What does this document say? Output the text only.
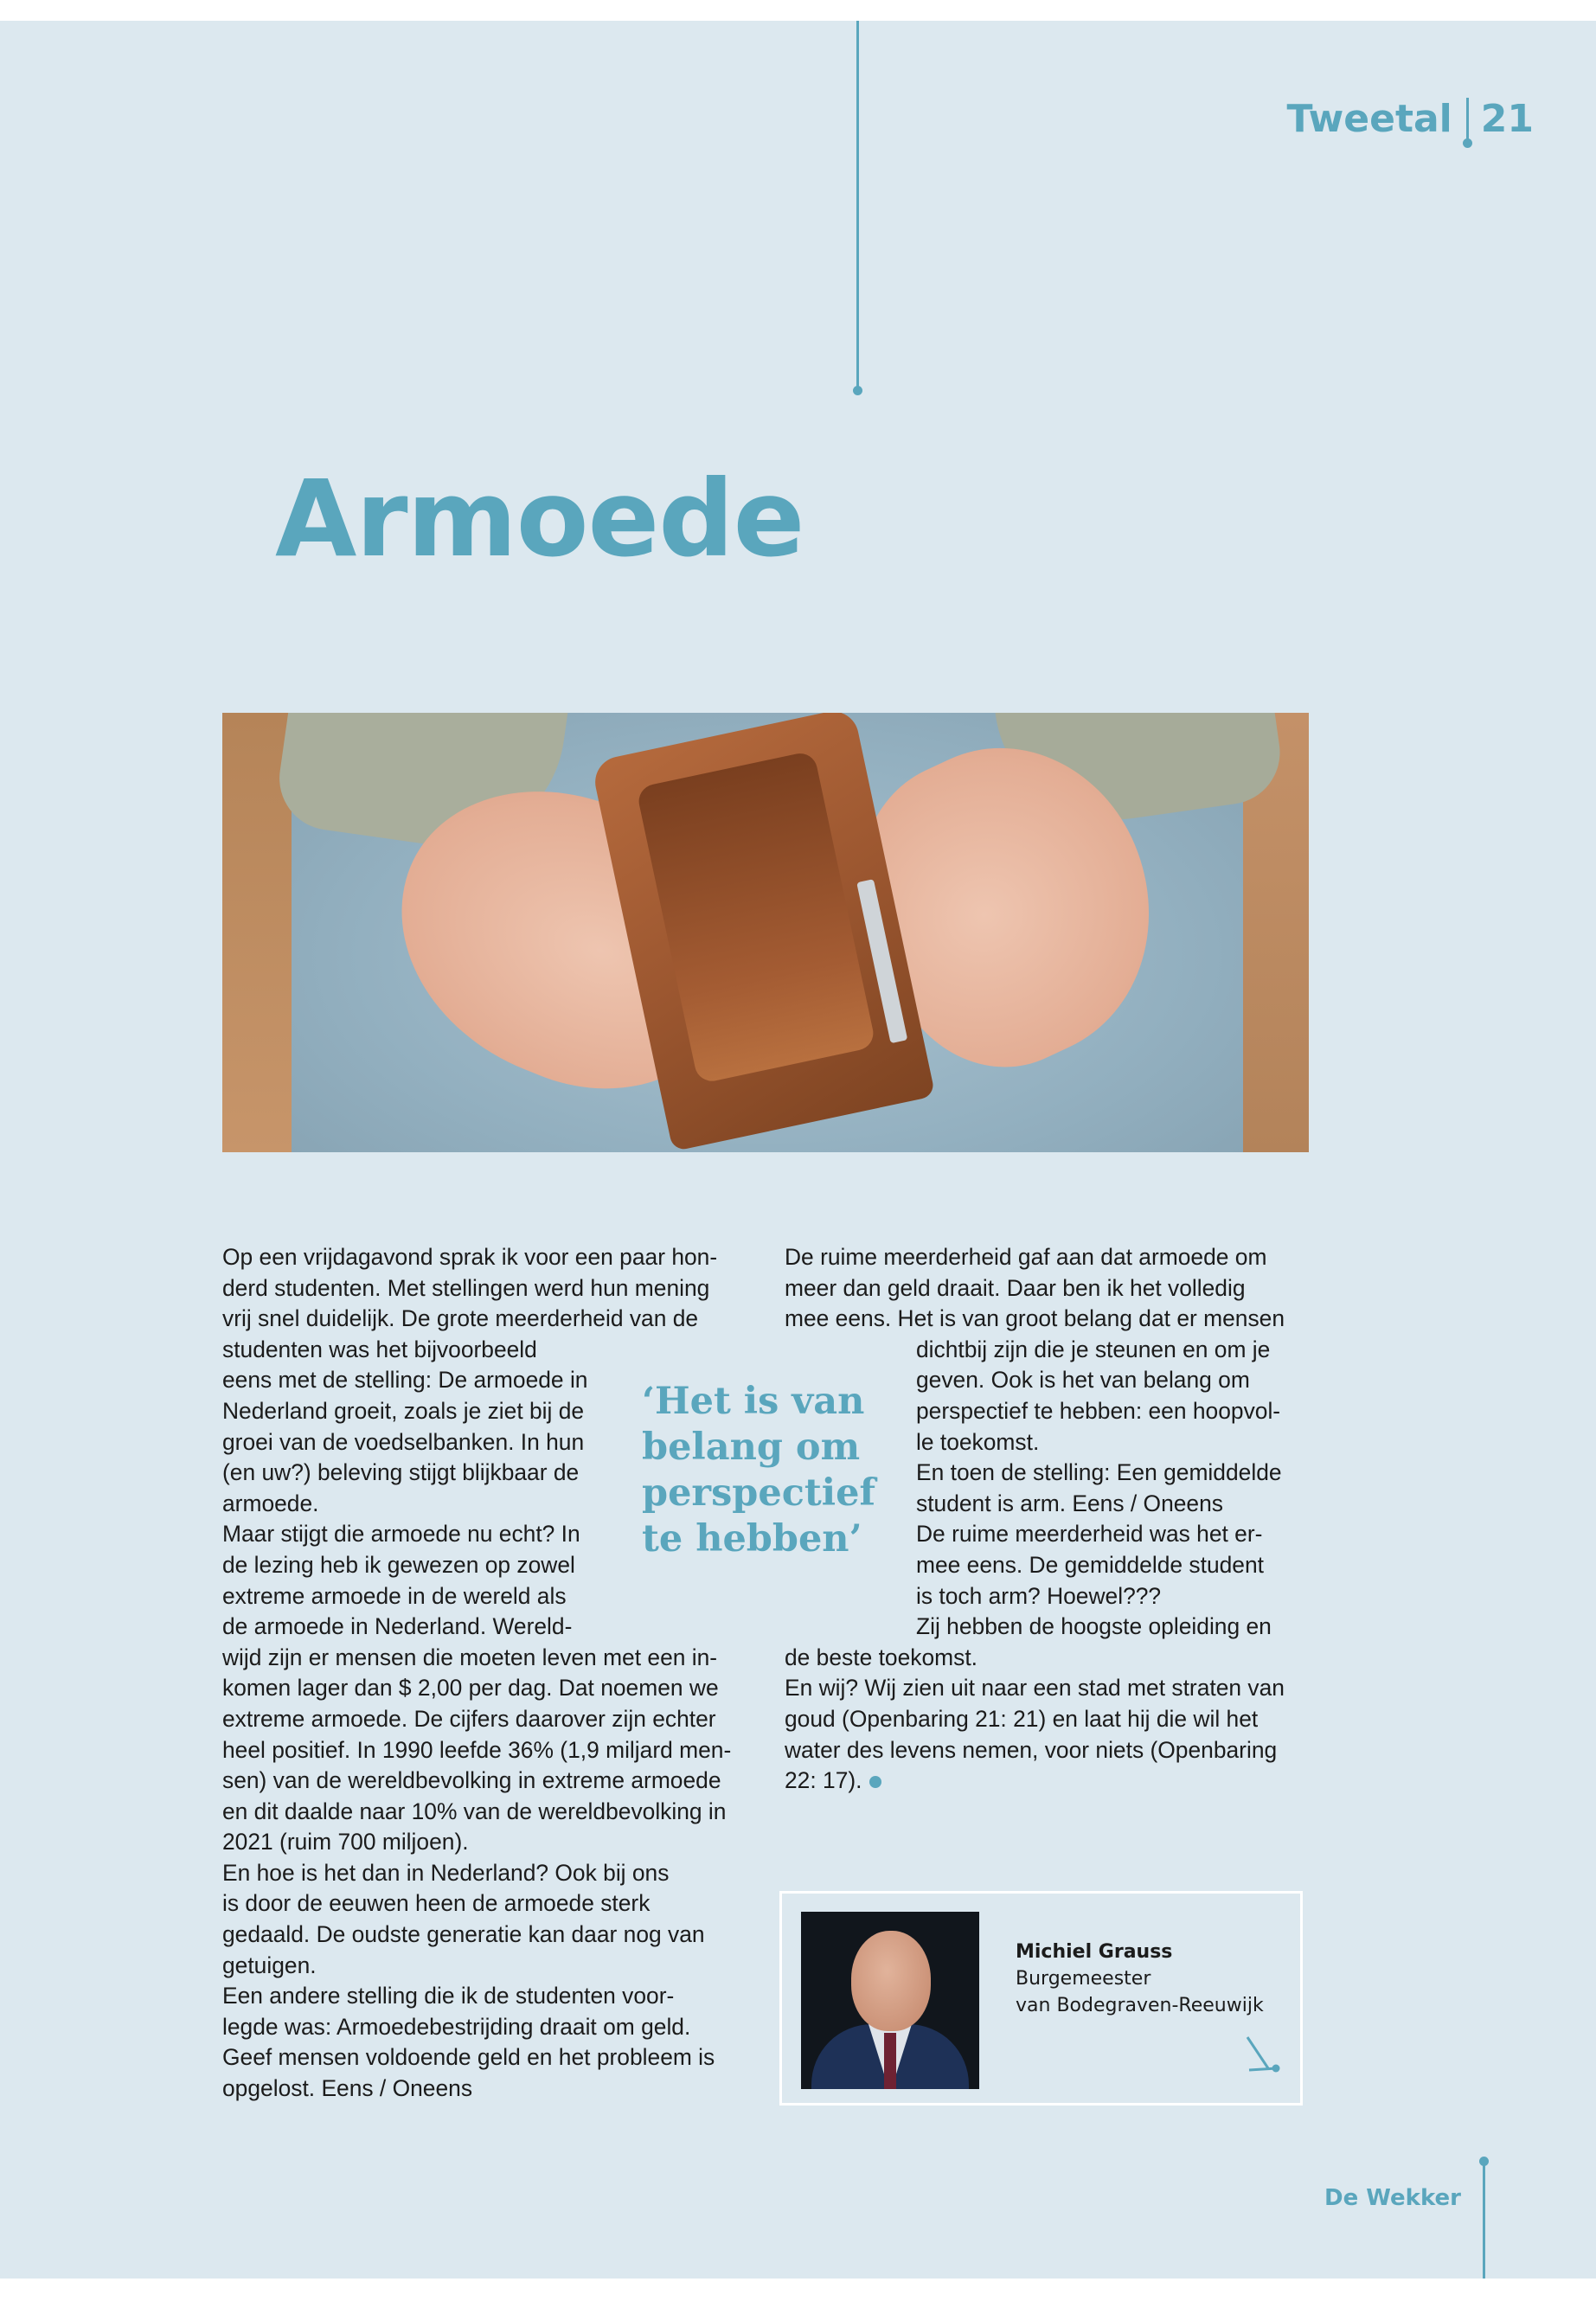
Tweetal 21
Armoede
Op een vrijdagavond sprak ik voor een paar hon-
derd studenten. Met stellingen werd hun mening
vrij snel duidelijk. De grote meerderheid van de
studenten was het bijvoorbeeld
eens met de stelling: De armoede in
Nederland groeit, zoals je ziet bij de
groei van de voedselbanken. In hun
(en uw?) beleving stijgt blijkbaar de
armoede.
Maar stijgt die armoede nu echt? In
de lezing heb ik gewezen op zowel
extreme armoede in de wereld als
de armoede in Nederland. Wereld-
wijd zijn er mensen die moeten leven met een in-
komen lager dan $ 2,00 per dag. Dat noemen we
extreme armoede. De cijfers daarover zijn echter
heel positief. In 1990 leefde 36% (1,9 miljard men-
sen) van de wereldbevolking in extreme armoede
en dit daalde naar 10% van de wereldbevolking in
2021 (ruim 700 miljoen).
En hoe is het dan in Nederland? Ook bij ons
is door de eeuwen heen de armoede sterk
gedaald. De oudste generatie kan daar nog van
getuigen.
Een andere stelling die ik de studenten voor-
legde was: Armoedebestrijding draait om geld.
Geef mensen voldoende geld en het probleem is
opgelost. Eens / Oneens
‘Het is van
belang om
perspectief
te hebben’
De ruime meerderheid gaf aan dat armoede om
meer dan geld draait. Daar ben ik het volledig
mee eens. Het is van groot belang dat er mensen
dichtbij zijn die je steunen en om je
geven. Ook is het van belang om
perspectief te hebben: een hoopvol-
le toekomst.
En toen de stelling: Een gemiddelde
student is arm. Eens / Oneens
De ruime meerderheid was het er-
mee eens. De gemiddelde student
is toch arm? Hoewel???
Zij hebben de hoogste opleiding en
de beste toekomst.
En wij? Wij zien uit naar een stad met straten van
goud (Openbaring 21: 21) en laat hij die wil het
water des levens nemen, voor niets (Openbaring
22: 17).
Michiel Grauss
Burgemeester
van Bodegraven-Reeuwijk
De Wekker
